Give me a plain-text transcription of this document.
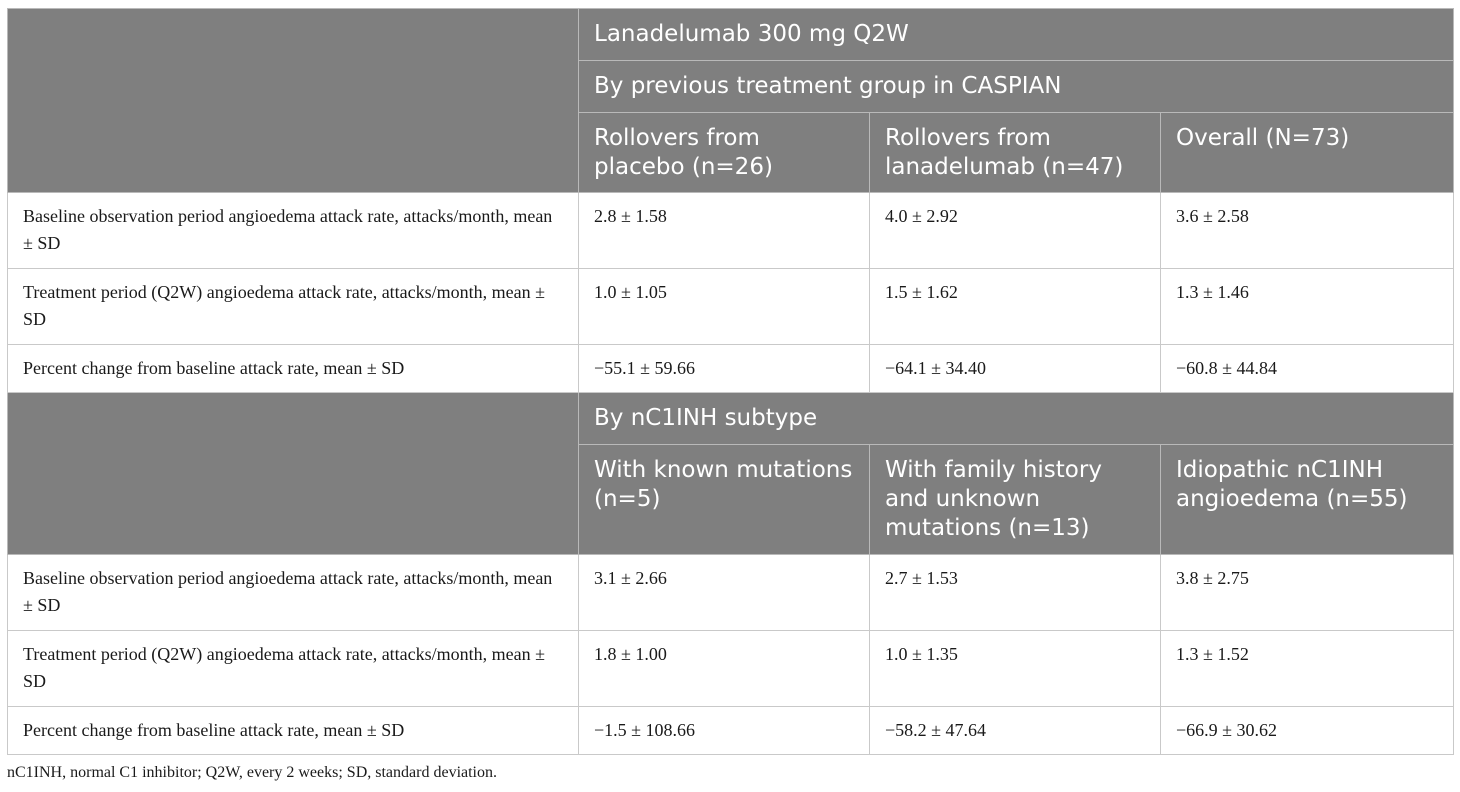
	Lanadelumab 300 mg Q2W		
	By previous treatment group in CASPIAN		
	Rollovers from placebo (n=26)	Rollovers from lanadelumab (n=47)	Overall (N=73)
Baseline observation period angioedema attack rate, attacks/month, mean ± SD	2.8 ± 1.58	4.0 ± 2.92	3.6 ± 2.58
Treatment period (Q2W) angioedema attack rate, attacks/month, mean ± SD	1.0 ± 1.05	1.5 ± 1.62	1.3 ± 1.46
Percent change from baseline attack rate, mean ± SD	−55.1 ± 59.66	−64.1 ± 34.40	−60.8 ± 44.84
	By nC1INH subtype		
	With known mutations (n=5)	With family history and unknown mutations (n=13)	Idiopathic nC1INH angioedema (n=55)
Baseline observation period angioedema attack rate, attacks/month, mean ± SD	3.1 ± 2.66	2.7 ± 1.53	3.8 ± 2.75
Treatment period (Q2W) angioedema attack rate, attacks/month, mean ± SD	1.8 ± 1.00	1.0 ± 1.35	1.3 ± 1.52
Percent change from baseline attack rate, mean ± SD	−1.5 ± 108.66	−58.2 ± 47.64	−66.9 ± 30.62
nC1INH, normal C1 inhibitor; Q2W, every 2 weeks; SD, standard deviation.
